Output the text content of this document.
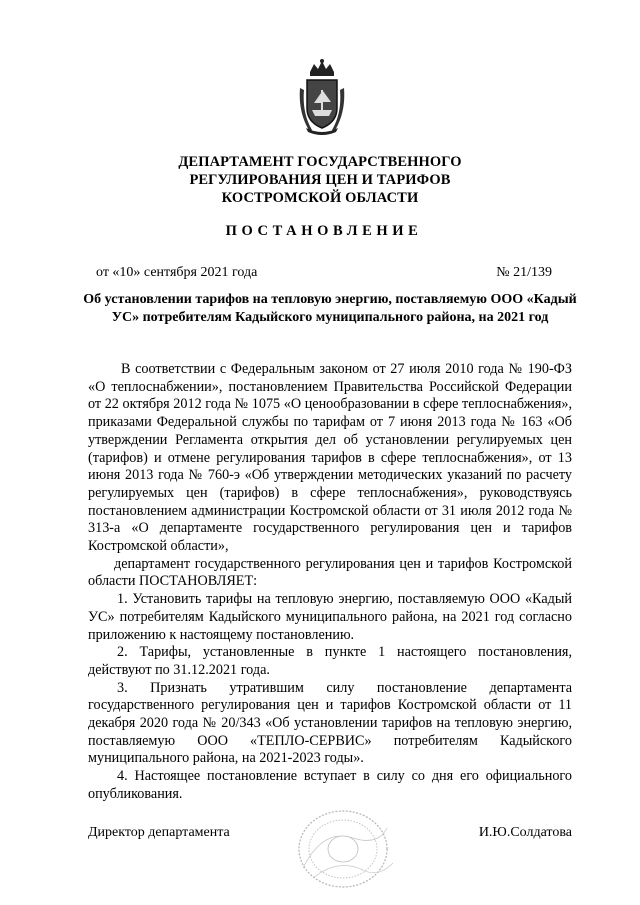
ДЕПАРТАМЕНТ ГОСУДАРСТВЕННОГО
РЕГУЛИРОВАНИЯ ЦЕН И ТАРИФОВ
КОСТРОМСКОЙ ОБЛАСТИ
ПОСТАНОВЛЕНИЕ
от «10» сентября 2021 года	№ 21/139
Об установлении тарифов на тепловую энергию, поставляемую ООО «Кадый УС» потребителям Кадыйского муниципального района, на 2021 год

В соответствии с Федеральным законом от 27 июля 2010 года № 190-ФЗ «О теплоснабжении», постановлением Правительства Российской Федерации от 22 октября 2012 года № 1075 «О ценообразовании в сфере теплоснабжения», приказами Федеральной службы по тарифам от 7 июня 2013 года № 163 «Об утверждении Регламента открытия дел об установлении регулируемых цен (тарифов) и отмене регулирования тарифов в сфере теплоснабжения», от 13 июня 2013 года № 760-э «Об утверждении методических указаний по расчету регулируемых цен (тарифов) в сфере теплоснабжения», руководствуясь постановлением администрации Костромской области от 31 июля 2012 года № 313-а «О департаменте государственного регулирования цен и тарифов Костромской области»,

департамент государственного регулирования цен и тарифов Костромской области ПОСТАНОВЛЯЕТ:

1. Установить тарифы на тепловую энергию, поставляемую ООО «Кадый УС» потребителям Кадыйского муниципального района, на 2021 год согласно приложению к настоящему постановлению.

2. Тарифы, установленные в пункте 1 настоящего постановления, действуют по 31.12.2021 года.

3. Признать утратившим силу постановление департамента государственного регулирования цен и тарифов Костромской области от 11 декабря 2020 года № 20/343 «Об установлении тарифов на тепловую энергию, поставляемую ООО «ТЕПЛО-СЕРВИС» потребителям Кадыйского муниципального района, на 2021-2023 годы».

4. Настоящее постановление вступает в силу со дня его официального опубликования.

Директор департамента	И.Ю.Солдатова
